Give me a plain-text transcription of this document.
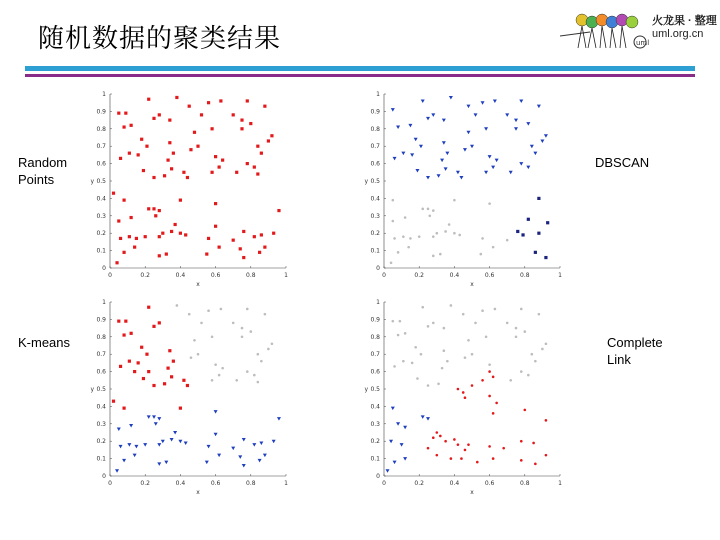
随机数据的聚类结果	uml
火龙果 · 整理
uml.org.cn
Random
Points
K-means
DBSCAN
Complete
Link
0
0.1
0.2
0.3
0.4
0.5
0.6
0.7
0.8
0.9
1
0	0.2	0.4	0.6	0.8	1
x
y
0
0.1
0.2
0.3
0.4
0.5
0.6
0.7
0.8
0.9
1
0	0.2	0.4	0.6	0.8	1
x
y
0
0.1
0.2
0.3
0.4
0.5
0.6
0.7
0.8
0.9
1
0	0.2	0.4	0.6	0.8	1
x
y
0
0.1
0.2
0.3
0.4
0.5
0.6
0.7
0.8
0.9
1
0	0.2	0.4	0.6	0.8	1
x
y
